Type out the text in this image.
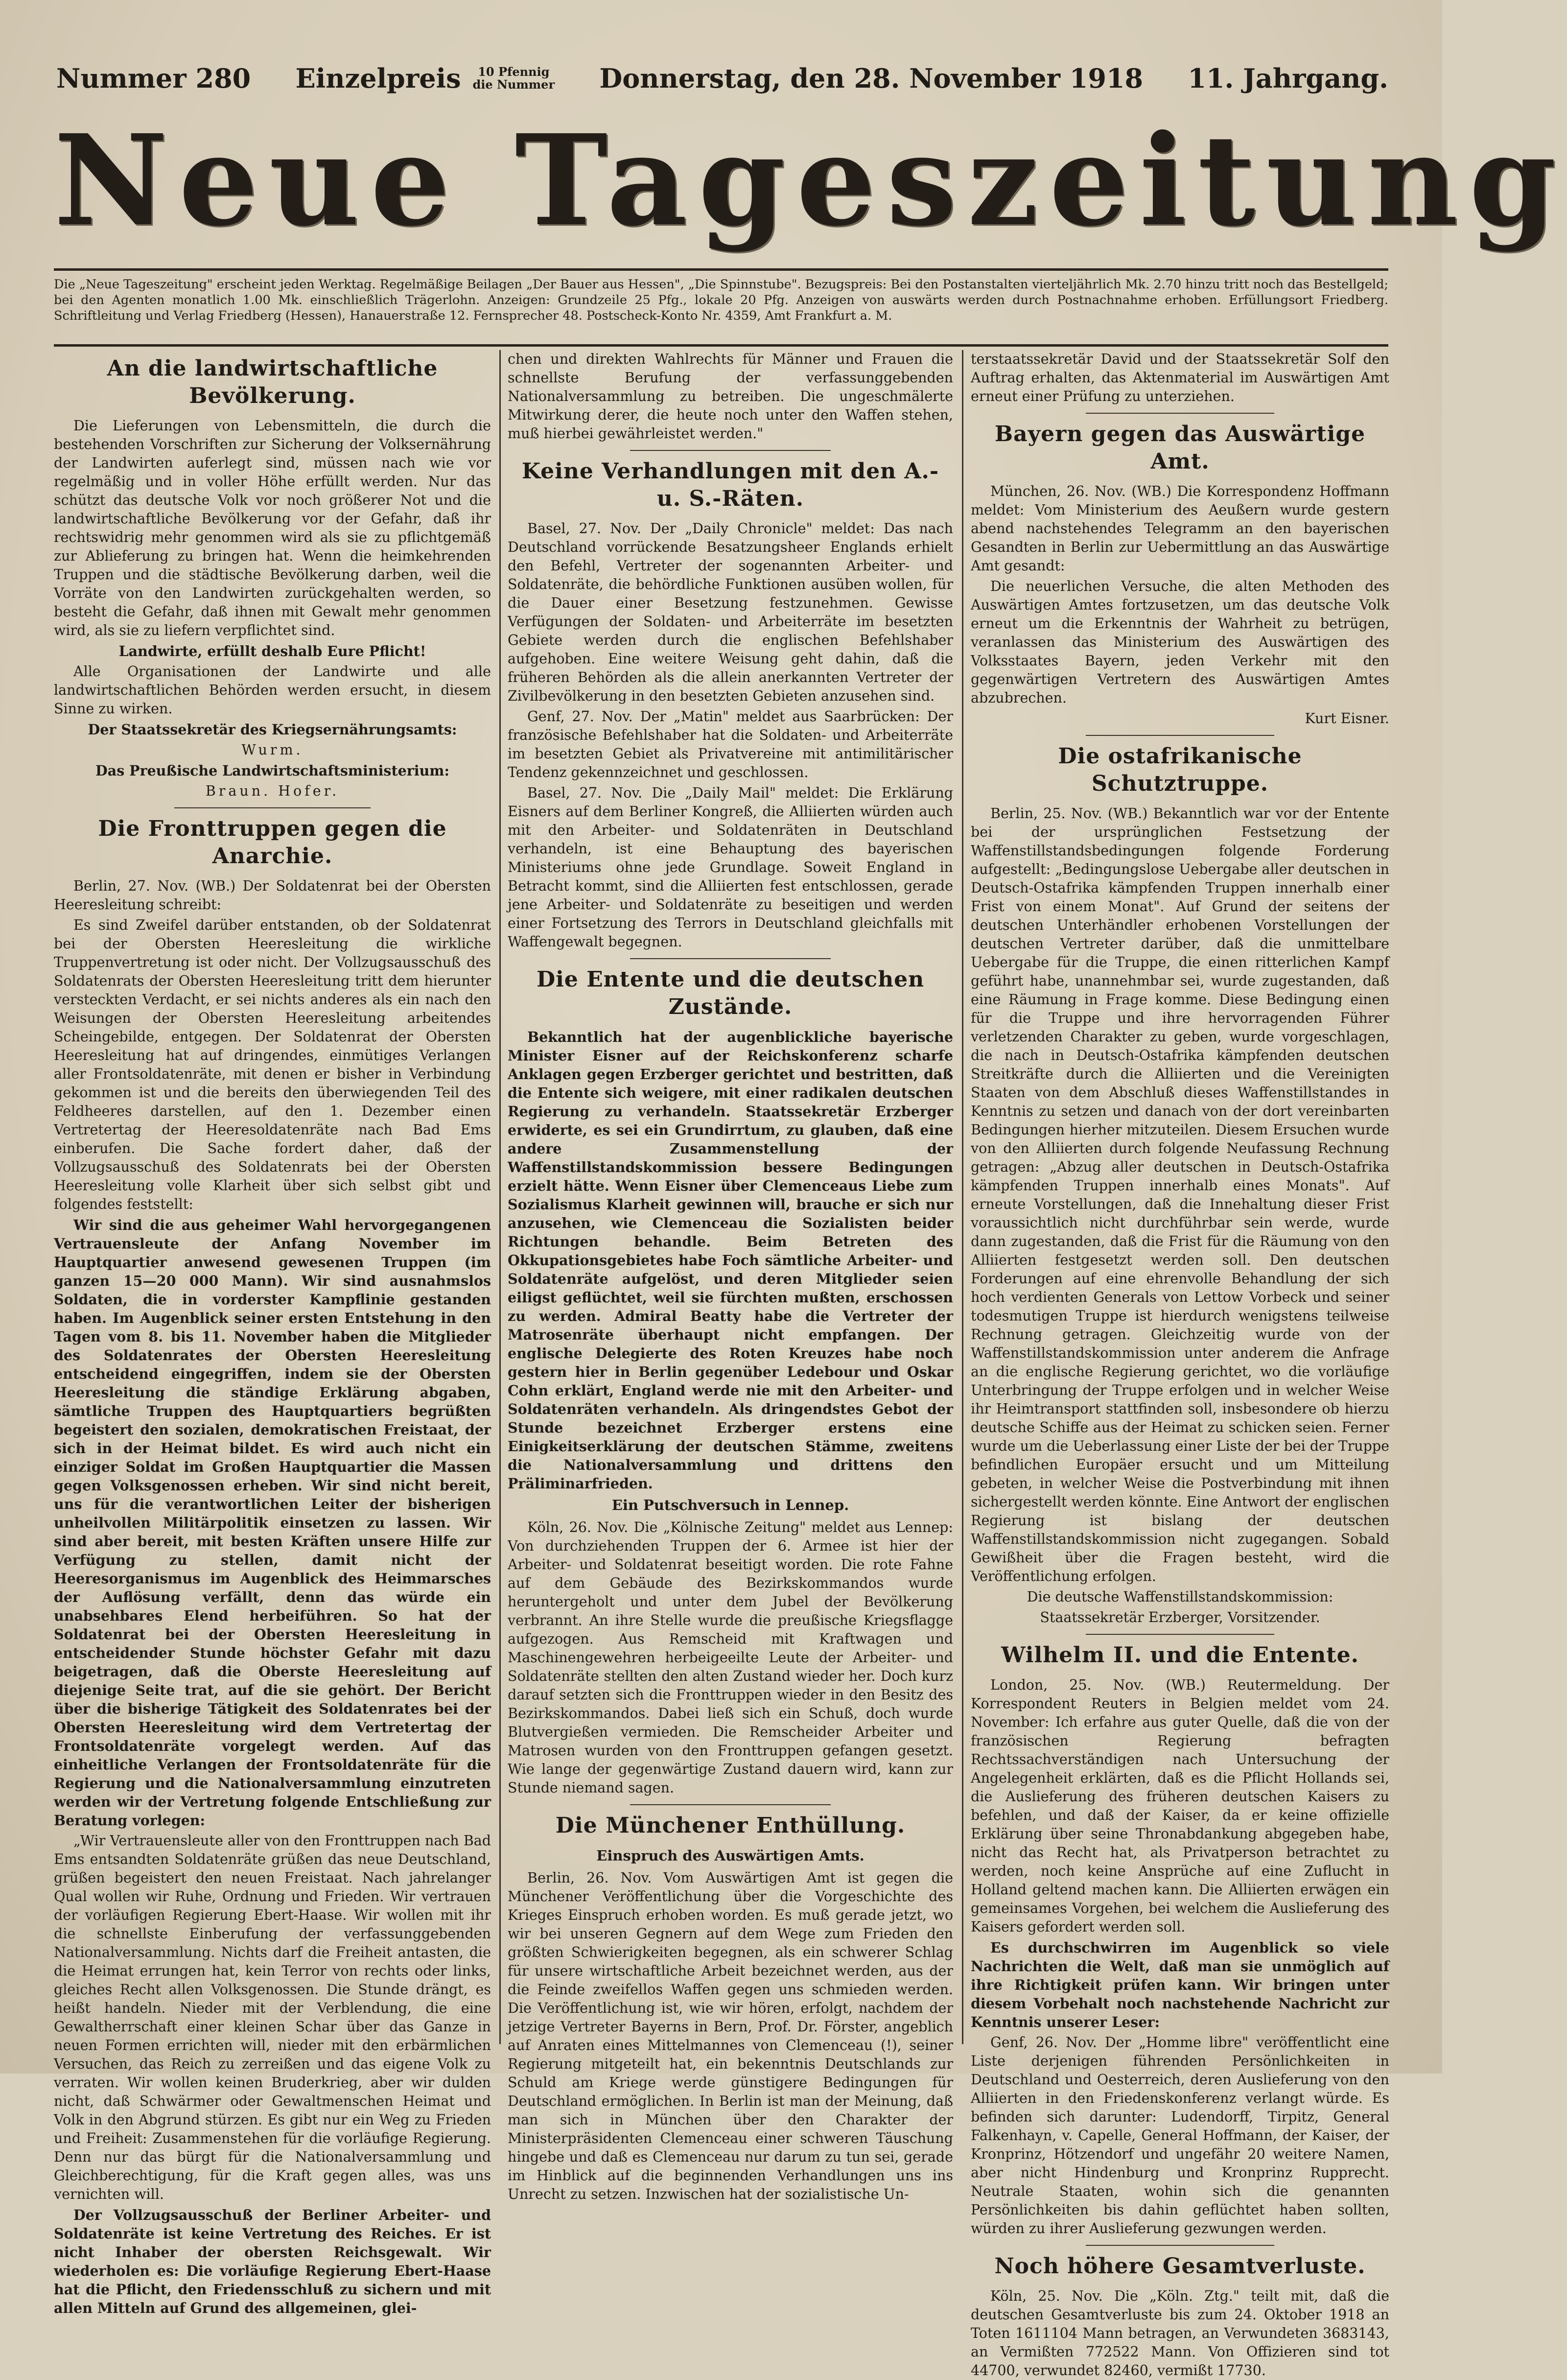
Nummer 280 Einzelpreis	10 Pfennig
die Nummer Donnerstag, den 28. November 1918 11. Jahrgang.
Neue Tageszeitung
Die „Neue Tageszeitung" erscheint jeden Werktag. Regelmäßige Beilagen „Der Bauer aus Hessen", „Die Spinnstube". Bezugspreis: Bei den Postanstalten vierteljährlich Mk. 2.70 hinzu tritt noch das Bestellgeld; bei den Agenten monatlich 1.00 Mk. einschließlich Trägerlohn. Anzeigen: Grundzeile 25 Pfg., lokale 20 Pfg. Anzeigen von auswärts werden durch Postnachnahme erhoben. Erfüllungsort Friedberg. Schriftleitung und Verlag Friedberg (Hessen), Hanauerstraße 12. Fernsprecher 48. Postscheck-Konto Nr. 4359, Amt Frankfurt a. M.
An die landwirtschaftliche Bevölkerung.

Die Lieferungen von Lebensmitteln, die durch die bestehenden Vorschriften zur Sicherung der Volksernährung der Landwirten auferlegt sind, müssen nach wie vor regelmäßig und in voller Höhe erfüllt werden. Nur das schützt das deutsche Volk vor noch größerer Not und die landwirtschaftliche Bevölkerung vor der Gefahr, daß ihr rechtswidrig mehr genommen wird als sie zu pflichtgemäß zur Ablieferung zu bringen hat. Wenn die heimkehrenden Truppen und die städtische Bevölkerung darben, weil die Vorräte von den Landwirten zurückgehalten werden, so besteht die Gefahr, daß ihnen mit Gewalt mehr genommen wird, als sie zu liefern verpflichtet sind.

Landwirte, erfüllt deshalb Eure Pflicht!

Alle Organisationen der Landwirte und alle landwirtschaftlichen Behörden werden ersucht, in diesem Sinne zu wirken.

Der Staatssekretär des Kriegsernährungsamts:

Wurm.

Das Preußische Landwirtschaftsministerium:

Braun. Hofer.

Die Fronttruppen gegen die Anarchie.

Berlin, 27. Nov. (WB.) Der Soldatenrat bei der Obersten Heeresleitung schreibt:

Es sind Zweifel darüber entstanden, ob der Soldatenrat bei der Obersten Heeresleitung die wirkliche Truppenvertretung ist oder nicht. Der Vollzugsausschuß des Soldatenrats der Obersten Heeresleitung tritt dem hierunter versteckten Verdacht, er sei nichts anderes als ein nach den Weisungen der Obersten Heeresleitung arbeitendes Scheingebilde, entgegen. Der Soldatenrat der Obersten Heeresleitung hat auf dringendes, einmütiges Verlangen aller Frontsoldatenräte, mit denen er bisher in Verbindung gekommen ist und die bereits den überwiegenden Teil des Feldheeres darstellen, auf den 1. Dezember einen Vertretertag der Heeresoldatenräte nach Bad Ems einberufen. Die Sache fordert daher, daß der Vollzugsausschuß des Soldatenrats bei der Obersten Heeresleitung volle Klarheit über sich selbst gibt und folgendes feststellt:

Wir sind die aus geheimer Wahl hervorgegangenen Vertrauensleute der Anfang November im Hauptquartier anwesend gewesenen Truppen (im ganzen 15—20 000 Mann). Wir sind ausnahmslos Soldaten, die in vorderster Kampflinie gestanden haben. Im Augenblick seiner ersten Entstehung in den Tagen vom 8. bis 11. November haben die Mitglieder des Soldatenrates der Obersten Heeresleitung entscheidend eingegriffen, indem sie der Obersten Heeresleitung die ständige Erklärung abgaben, sämtliche Truppen des Hauptquartiers begrüßten begeistert den sozialen, demokratischen Freistaat, der sich in der Heimat bildet. Es wird auch nicht ein einziger Soldat im Großen Hauptquartier die Massen gegen Volksgenossen erheben. Wir sind nicht bereit, uns für die verantwortlichen Leiter der bisherigen unheilvollen Militärpolitik einsetzen zu lassen. Wir sind aber bereit, mit besten Kräften unsere Hilfe zur Verfügung zu stellen, damit nicht der Heeresorganismus im Augenblick des Heimmarsches der Auflösung verfällt, denn das würde ein unabsehbares Elend herbeiführen. So hat der Soldatenrat bei der Obersten Heeresleitung in entscheidender Stunde höchster Gefahr mit dazu beigetragen, daß die Oberste Heeresleitung auf diejenige Seite trat, auf die sie gehört. Der Bericht über die bisherige Tätigkeit des Soldatenrates bei der Obersten Heeresleitung wird dem Vertretertag der Frontsoldatenräte vorgelegt werden. Auf das einheitliche Verlangen der Frontsoldatenräte für die Regierung und die Nationalversammlung einzutreten werden wir der Vertretung folgende Entschließung zur Beratung vorlegen:

„Wir Vertrauensleute aller von den Fronttruppen nach Bad Ems entsandten Soldatenräte grüßen das neue Deutschland, grüßen begeistert den neuen Freistaat. Nach jahrelanger Qual wollen wir Ruhe, Ordnung und Frieden. Wir vertrauen der vorläufigen Regierung Ebert-Haase. Wir wollen mit ihr die schnellste Einberufung der verfassunggebenden Nationalversammlung. Nichts darf die Freiheit antasten, die die Heimat errungen hat, kein Terror von rechts oder links, gleiches Recht allen Volksgenossen. Die Stunde drängt, es heißt handeln. Nieder mit der Verblendung, die eine Gewaltherrschaft einer kleinen Schar über das Ganze in neuen Formen errichten will, nieder mit den erbärmlichen Versuchen, das Reich zu zerreißen und das eigene Volk zu verraten. Wir wollen keinen Bruderkrieg, aber wir dulden nicht, daß Schwärmer oder Gewaltmenschen Heimat und Volk in den Abgrund stürzen. Es gibt nur ein Weg zu Frieden und Freiheit: Zusammenstehen für die vorläufige Regierung. Denn nur das bürgt für die Nationalversammlung und Gleichberechtigung, für die Kraft gegen alles, was uns vernichten will.

Der Vollzugsausschuß der Berliner Arbeiter- und Soldatenräte ist keine Vertretung des Reiches. Er ist nicht Inhaber der obersten Reichsgewalt. Wir wiederholen es: Die vorläufige Regierung Ebert-Haase hat die Pflicht, den Friedensschluß zu sichern und mit allen Mitteln auf Grund des allgemeinen, glei-

chen und direkten Wahlrechts für Männer und Frauen die schnellste Berufung der verfassunggebenden Nationalversammlung zu betreiben. Die ungeschmälerte Mitwirkung derer, die heute noch unter den Waffen stehen, muß hierbei gewährleistet werden."

Keine Verhandlungen mit den A.- u. S.-Räten.

Basel, 27. Nov. Der „Daily Chronicle" meldet: Das nach Deutschland vorrückende Besatzungsheer Englands erhielt den Befehl, Vertreter der sogenannten Arbeiter- und Soldatenräte, die behördliche Funktionen ausüben wollen, für die Dauer einer Besetzung festzunehmen. Gewisse Verfügungen der Soldaten- und Arbeiterräte im besetzten Gebiete werden durch die englischen Befehlshaber aufgehoben. Eine weitere Weisung geht dahin, daß die früheren Behörden als die allein anerkannten Vertreter der Zivilbevölkerung in den besetzten Gebieten anzusehen sind.

Genf, 27. Nov. Der „Matin" meldet aus Saarbrücken: Der französische Befehlshaber hat die Soldaten- und Arbeiterräte im besetzten Gebiet als Privatvereine mit antimilitärischer Tendenz gekennzeichnet und geschlossen.

Basel, 27. Nov. Die „Daily Mail" meldet: Die Erklärung Eisners auf dem Berliner Kongreß, die Alliierten würden auch mit den Arbeiter- und Soldatenräten in Deutschland verhandeln, ist eine Behauptung des bayerischen Ministeriums ohne jede Grundlage. Soweit England in Betracht kommt, sind die Alliierten fest entschlossen, gerade jene Arbeiter- und Soldatenräte zu beseitigen und werden einer Fortsetzung des Terrors in Deutschland gleichfalls mit Waffengewalt begegnen.

Die Entente und die deutschen Zustände.

Bekanntlich hat der augenblickliche bayerische Minister Eisner auf der Reichskonferenz scharfe Anklagen gegen Erzberger gerichtet und bestritten, daß die Entente sich weigere, mit einer radikalen deutschen Regierung zu verhandeln. Staatssekretär Erzberger erwiderte, es sei ein Grundirrtum, zu glauben, daß eine andere Zusammenstellung der Waffenstillstandskommission bessere Bedingungen erzielt hätte. Wenn Eisner über Clemenceaus Liebe zum Sozialismus Klarheit gewinnen will, brauche er sich nur anzusehen, wie Clemenceau die Sozialisten beider Richtungen behandle. Beim Betreten des Okkupationsgebietes habe Foch sämtliche Arbeiter- und Soldatenräte aufgelöst, und deren Mitglieder seien eiligst geflüchtet, weil sie fürchten mußten, erschossen zu werden. Admiral Beatty habe die Vertreter der Matrosenräte überhaupt nicht empfangen. Der englische Delegierte des Roten Kreuzes habe noch gestern hier in Berlin gegenüber Ledebour und Oskar Cohn erklärt, England werde nie mit den Arbeiter- und Soldatenräten verhandeln. Als dringendstes Gebot der Stunde bezeichnet Erzberger erstens eine Einigkeitserklärung der deutschen Stämme, zweitens die Nationalversammlung und drittens den Präliminarfrieden.

Ein Putschversuch in Lennep.

Köln, 26. Nov. Die „Kölnische Zeitung" meldet aus Lennep: Von durchziehenden Truppen der 6. Armee ist hier der Arbeiter- und Soldatenrat beseitigt worden. Die rote Fahne auf dem Gebäude des Bezirkskommandos wurde heruntergeholt und unter dem Jubel der Bevölkerung verbrannt. An ihre Stelle wurde die preußische Kriegsflagge aufgezogen. Aus Remscheid mit Kraftwagen und Maschinengewehren herbeigeeilte Leute der Arbeiter- und Soldatenräte stellten den alten Zustand wieder her. Doch kurz darauf setzten sich die Fronttruppen wieder in den Besitz des Bezirkskommandos. Dabei ließ sich ein Schuß, doch wurde Blutvergießen vermieden. Die Remscheider Arbeiter und Matrosen wurden von den Fronttruppen gefangen gesetzt. Wie lange der gegenwärtige Zustand dauern wird, kann zur Stunde niemand sagen.

Die Münchener Enthüllung.
Einspruch des Auswärtigen Amts.

Berlin, 26. Nov. Vom Auswärtigen Amt ist gegen die Münchener Veröffentlichung über die Vorgeschichte des Krieges Einspruch erhoben worden. Es muß gerade jetzt, wo wir bei unseren Gegnern auf dem Wege zum Frieden den größten Schwierigkeiten begegnen, als ein schwerer Schlag für unsere wirtschaftliche Arbeit bezeichnet werden, aus der die Feinde zweifellos Waffen gegen uns schmieden werden. Die Veröffentlichung ist, wie wir hören, erfolgt, nachdem der jetzige Vertreter Bayerns in Bern, Prof. Dr. Förster, angeblich auf Anraten eines Mittelmannes von Clemenceau (!), seiner Regierung mitgeteilt hat, ein bekenntnis Deutschlands zur Schuld am Kriege werde günstigere Bedingungen für Deutschland ermöglichen. In Berlin ist man der Meinung, daß man sich in München über den Charakter der Ministerpräsidenten Clemenceau einer schweren Täuschung hingebe und daß es Clemenceau nur darum zu tun sei, gerade im Hinblick auf die beginnenden Verhandlungen uns ins Unrecht zu setzen. Inzwischen hat der sozialistische Un-

terstaatssekretär David und der Staatssekretär Solf den Auftrag erhalten, das Aktenmaterial im Auswärtigen Amt erneut einer Prüfung zu unterziehen.

Bayern gegen das Auswärtige Amt.

München, 26. Nov. (WB.) Die Korrespondenz Hoffmann meldet: Vom Ministerium des Aeußern wurde gestern abend nachstehendes Telegramm an den bayerischen Gesandten in Berlin zur Uebermittlung an das Auswärtige Amt gesandt:

Die neuerlichen Versuche, die alten Methoden des Auswärtigen Amtes fortzusetzen, um das deutsche Volk erneut um die Erkenntnis der Wahrheit zu betrügen, veranlassen das Ministerium des Auswärtigen des Volksstaates Bayern, jeden Verkehr mit den gegenwärtigen Vertretern des Auswärtigen Amtes abzubrechen.

Kurt Eisner.

Die ostafrikanische Schutztruppe.

Berlin, 25. Nov. (WB.) Bekanntlich war vor der Entente bei der ursprünglichen Festsetzung der Waffenstillstandsbedingungen folgende Forderung aufgestellt: „Bedingungslose Uebergabe aller deutschen in Deutsch-Ostafrika kämpfenden Truppen innerhalb einer Frist von einem Monat". Auf Grund der seitens der deutschen Unterhändler erhobenen Vorstellungen der deutschen Vertreter darüber, daß die unmittelbare Uebergabe für die Truppe, die einen ritterlichen Kampf geführt habe, unannehmbar sei, wurde zugestanden, daß eine Räumung in Frage komme. Diese Bedingung einen für die Truppe und ihre hervorragenden Führer verletzenden Charakter zu geben, wurde vorgeschlagen, die nach in Deutsch-Ostafrika kämpfenden deutschen Streitkräfte durch die Alliierten und die Vereinigten Staaten von dem Abschluß dieses Waffenstillstandes in Kenntnis zu setzen und danach von der dort vereinbarten Bedingungen hierher mitzuteilen. Diesem Ersuchen wurde von den Alliierten durch folgende Neufassung Rechnung getragen: „Abzug aller deutschen in Deutsch-Ostafrika kämpfenden Truppen innerhalb eines Monats". Auf erneute Vorstellungen, daß die Innehaltung dieser Frist voraussichtlich nicht durchführbar sein werde, wurde dann zugestanden, daß die Frist für die Räumung von den Alliierten festgesetzt werden soll. Den deutschen Forderungen auf eine ehrenvolle Behandlung der sich hoch verdienten Generals von Lettow Vorbeck und seiner todesmutigen Truppe ist hierdurch wenigstens teilweise Rechnung getragen. Gleichzeitig wurde von der Waffenstillstandskommission unter anderem die Anfrage an die englische Regierung gerichtet, wo die vorläufige Unterbringung der Truppe erfolgen und in welcher Weise ihr Heimtransport stattfinden soll, insbesondere ob hierzu deutsche Schiffe aus der Heimat zu schicken seien. Ferner wurde um die Ueberlassung einer Liste der bei der Truppe befindlichen Europäer ersucht und um Mitteilung gebeten, in welcher Weise die Postverbindung mit ihnen sichergestellt werden könnte. Eine Antwort der englischen Regierung ist bislang der deutschen Waffenstillstandskommission nicht zugegangen. Sobald Gewißheit über die Fragen besteht, wird die Veröffentlichung erfolgen.

Die deutsche Waffenstillstandskommission:

Staatssekretär Erzberger, Vorsitzender.

Wilhelm II. und die Entente.

London, 25. Nov. (WB.) Reutermeldung. Der Korrespondent Reuters in Belgien meldet vom 24. November: Ich erfahre aus guter Quelle, daß die von der französischen Regierung befragten Rechtssachverständigen nach Untersuchung der Angelegenheit erklärten, daß es die Pflicht Hollands sei, die Auslieferung des früheren deutschen Kaisers zu befehlen, und daß der Kaiser, da er keine offizielle Erklärung über seine Thronabdankung abgegeben habe, nicht das Recht hat, als Privatperson betrachtet zu werden, noch keine Ansprüche auf eine Zuflucht in Holland geltend machen kann. Die Alliierten erwägen ein gemeinsames Vorgehen, bei welchem die Auslieferung des Kaisers gefordert werden soll.

Es durchschwirren im Augenblick so viele Nachrichten die Welt, daß man sie unmöglich auf ihre Richtigkeit prüfen kann. Wir bringen unter diesem Vorbehalt noch nachstehende Nachricht zur Kenntnis unserer Leser:

Genf, 26. Nov. Der „Homme libre" veröffentlicht eine Liste derjenigen führenden Persönlichkeiten in Deutschland und Oesterreich, deren Auslieferung von den Alliierten in den Friedenskonferenz verlangt würde. Es befinden sich darunter: Ludendorff, Tirpitz, General Falkenhayn, v. Capelle, General Hoffmann, der Kaiser, der Kronprinz, Hötzendorf und ungefähr 20 weitere Namen, aber nicht Hindenburg und Kronprinz Rupprecht. Neutrale Staaten, wohin sich die genannten Persönlichkeiten bis dahin geflüchtet haben sollten, würden zu ihrer Auslieferung gezwungen werden.

Noch höhere Gesamtverluste.

Köln, 25. Nov. Die „Köln. Ztg." teilt mit, daß die deutschen Gesamtverluste bis zum 24. Oktober 1918 an Toten 1611104 Mann betragen, an Verwundeten 3683143, an Vermißten 772522 Mann. Von Offizieren sind tot 44700, verwundet 82460, vermißt 17730.
